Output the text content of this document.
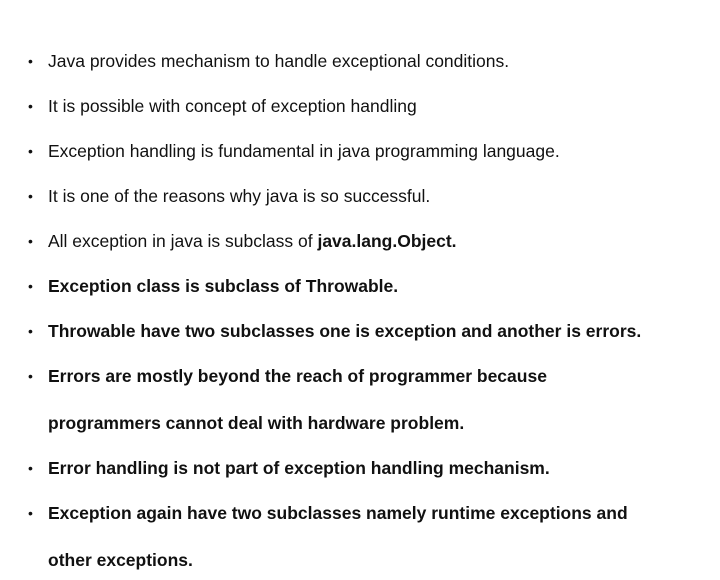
• Java provides mechanism to handle exceptional conditions.
• It is possible with concept of exception handling
• Exception handling is fundamental in java programming language.
• It is one of the reasons why java is so successful.
• All exception in java is subclass of java.lang.Object.
• Exception class is subclass of Throwable.
• Throwable have two subclasses one is exception and another is errors.
• Errors are mostly beyond the reach of programmer because
programmers cannot deal with hardware problem.
• Error handling is not part of exception handling mechanism.
• Exception again have two subclasses namely runtime exceptions and
other exceptions.
